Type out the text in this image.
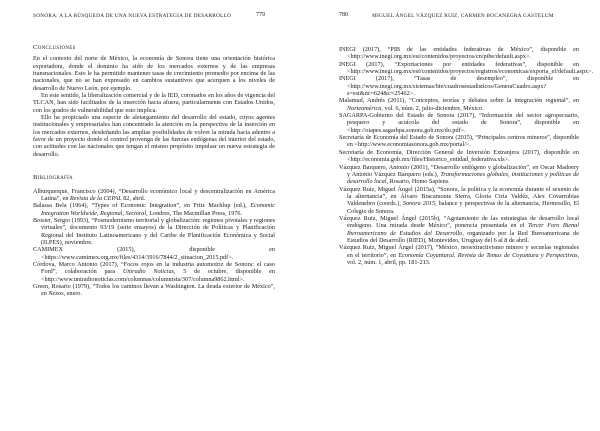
SONORA: A LA BÚSQUEDA DE UNA NUEVA ESTRATEGIA DE DESARROLLO	779
Conclusiones

En el contexto del norte de México, la economía de Sonora tiene una orientación histórica exportadora, donde el dominio ha sido de los mercados externos y de las empresas transnacionales. Esto le ha permitido mantener tasas de crecimiento promedio por encima de las nacionales, que no se han expresado en cambios sustantivos que acerquen a los niveles de desarrollo de Nuevo León, por ejemplo.

En este sentido, la liberalización comercial y de la IED, coronados en los años de vigencia del TLCAN, han sido facilitados de la inserción hacia afuera, particularmente con Estados Unidos, con los grados de vulnerabilidad que esto implica.

Ello ha propiciado una especie de aletargamiento del desarrollo del estado, cuyos agentes institucionales y empresariales han concentrado la atención en la perspectiva de la inserción en los mercados externos, desdeñando las amplias posibilidades de volver la mirada hacia adentro a favor de un proyecto donde el control provenga de las fuerzas endógenas del interior del estado, con actitudes con las nacionales que tengan el mismo propósito impulsar un nueva estrategia de desarrollo.

Bibliografía

Alburquerque, Francisco (2004), “Desarrollo económico local y descentralización en América Latina”, en Revista de la CEPAL 82, abril.

Balassa Bela (1964), “Types of Economic Integration”, en Fritz Machlup (ed.), Economic Integration Worldwide, Regional, Sectoral, Londres, The Macmillan Press, 1976.

Boisier, Sergio (1993), “Posmodernismo territorial y globalización: regiones pivotales y regiones virtuales”, documento 93/19 (serie ensayos) de la Dirección de Políticas y Planificación Regional del Instituto Latinoamericano y del Caribe de Planificación Económica y Social (ILPES), noviembre.

CAMIMEX (2015), disponible en <https://www.camimex.org.mx/files/4314/3916/7844/2_situacion_2015.pdf>.

Córdova, Marco Antonio (2017), “Focos rojos en la industria automotriz de Sonora: el caso Ford”, colaboración para Uniradio Noticias, 5 de octubre, disponible en <http://www.uniradionoticias.com/columnas/columnista/307/columna9862.html>.

Green, Rosario (1979), “Todos los caminos llevan a Washington. La deuda exterior de México”, en Nexos, enero.

780	MIGUEL ÁNGEL VÁZQUEZ RUIZ, CARMEN BOCANEGRA GASTELUM

INEGI (2017), “PIB de las entidades federativas de México”, disponible en <http://www.inegi.org.mx/est/contenidos/proyectos/cn/pibe/default.aspx>.

INEGI (2017), “Exportaciones por entidades federativas”, disponible en <http://www.inegi.org.mx/est/contenidos/proyectos/registros/economicas/exporta_ef/default.aspx>.

INEGI (2017), “Tasas de desempleo”, disponible en <http://www.inegi.org.mx/sistemas/bie/cuadrosestadisticos/GeneraCuadro.aspx?s=est&nc=624&c=25462>.

Malamud, Andrés (2011), “Conceptos, teorías y debates sobre la integración regional”, en Norteamérica, vol. 6, núm. 2, julio-diciembre, México.

SAGARPA-Gobierno del Estado de Sonora (2017), “Información del sector agropecuario, pesquero y acuícola del estado de Sonora”, disponible en <http://oiapes.sagarhpa.sonora.gob.mx/do.pdf>.

Secretaría de Economía del Estado de Sonora (2015), “Principales centros mineros”, disponible en <http://www.economiasonora.gob.mx/portal/>.

Secretaría de Economía, Dirección General de Inversión Extranjera (2017), disponible en <http://economia.gob.mx/files/Historico_entidad_federativa.xls>.

Vázquez Barquero, Antonio (2001), “Desarrollo endógeno y globalización”, en Oscar Madoery y Antonio Vázquez Barquero (eds.), Transformaciones globales, instituciones y políticas de desarrollo local, Rosario, Homo Sapiens.

Vázquez Ruiz, Miguel Ángel (2015a), “Sonora, la política y la economía durante el sexenio de la alternancia”, en Álvaro Bracamonte Sierra, Gloria Ciria Valdéz, Alex Covarrubias Valdenebro (coords.), Sonora 2015, balance y perspectivas de la alternancia, Hermosillo, El Colegio de Sonora.

Vázquez Ruiz, Miguel Ángel (2015b), “Agotamiento de las estrategias de desarrollo local endógeno. Una mirada desde México”, ponencia presentada en el Tercer Foro Bienal Iberoamericano de Estudios del Desarrollo, organizado por la Red Iberoamericana de Estudios del Desarrollo (RIED), Montevideo, Uruguay del 6 al 8 de abril.

Vázquez Ruiz, Miguel Ángel (2017), “México, neoextractivismo minero y secuelas regionales en el territorio”, en Economía Coyuntural. Revista de Temas de Coyuntura y Perspectivas, vol. 2, núm. 1, abril, pp. 181-213.
